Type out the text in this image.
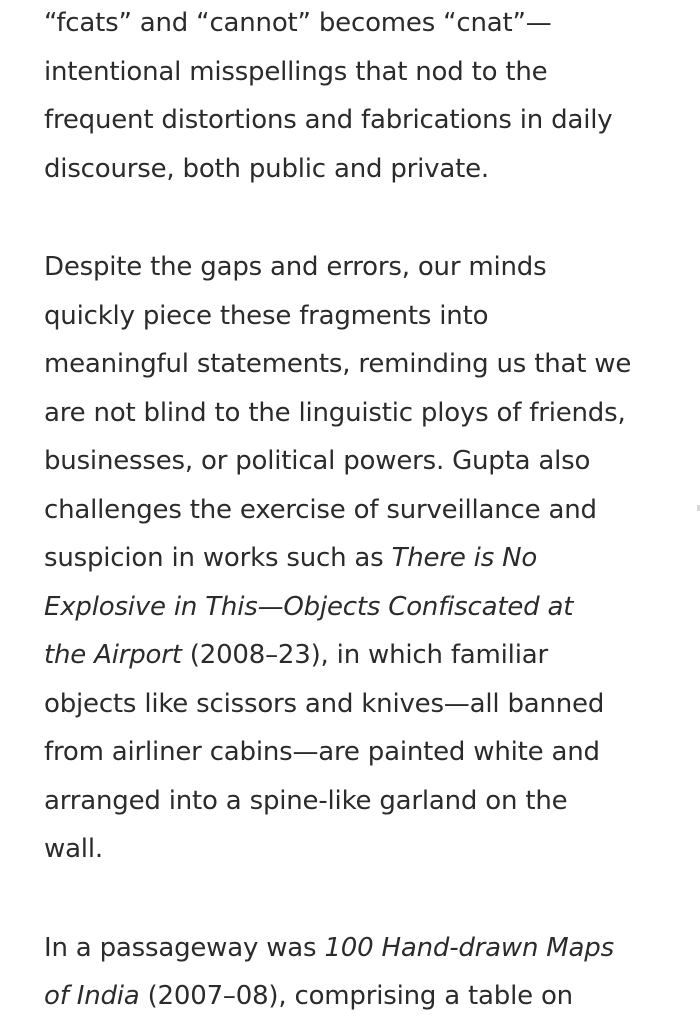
“fcats” and “cannot” becomes “cnat”—
intentional misspellings that nod to the
frequent distortions and fabrications in daily
discourse, both public and private.
Despite the gaps and errors, our minds
quickly piece these fragments into
meaningful statements, reminding us that we
are not blind to the linguistic ploys of friends,
businesses, or political powers. Gupta also
challenges the exercise of surveillance and
suspicion in works such as There is No
Explosive in This—Objects Confiscated at
the Airport (2008–23), in which familiar
objects like scissors and knives—all banned
from airliner cabins—are painted white and
arranged into a spine-like garland on the
wall.
In a passageway was 100 Hand-drawn Maps
of India (2007–08), comprising a table on
